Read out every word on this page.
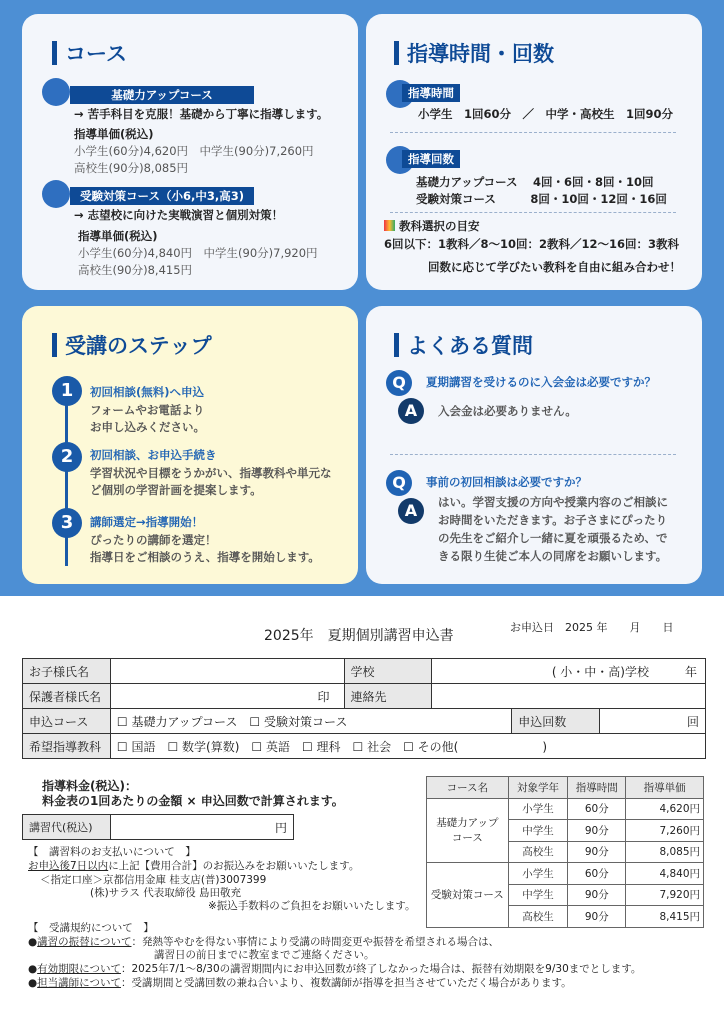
コース
基礎力アップコース
→ 苦手科目を克服！基礎から丁寧に指導します。
指導単価(税込)
小学生(60分)4,620円　中学生(90分)7,260円
高校生(90分)8,085円
受験対策コース（小6,中3,高3)
→ 志望校に向けた実戦演習と個別対策！
指導単価(税込)
小学生(60分)4,840円　中学生(90分)7,920円
高校生(90分)8,415円
指導時間・回数
指導時間
小学生　1回60分　／　中学・高校生　1回90分
指導回数
基礎力アップコース　 4回・6回・8回・10回
受験対策コース　　　8回・10回・12回・16回
教科選択の目安
6回以下：1教科／8〜10回：2教科／12〜16回：3教科
回数に応じて学びたい教科を自由に組み合わせ！
受講のステップ
1	初回相談(無料)へ申込
フォームやお電話より
お申し込みください。
2	初回相談、お申込手続き
学習状況や目標をうかがい、指導教科や単元な
ど個別の学習計画を提案します。
3	講師選定→指導開始！
ぴったりの講師を選定！
指導日をご相談のうえ、指導を開始します。
よくある質問
Q	夏期講習を受けるのに入会金は必要ですか？
A	入会金は必要ありません。
Q	事前の初回相談は必要ですか？
A	はい。学習支援の方向や授業内容のご相談に
お時間をいただきます。お子さまにぴったり
の先生をご紹介し一緒に夏を頑張るため、で
きる限り生徒ご本人の同席をお願いします。
2025年　夏期個別講習申込書
お申込日　2025 年　　月　　日
お子様氏名		学校	( 小・中・高)学校　　　年		
保護者様氏名	印	連絡先			
申込コース	☐ 基礎力アップコース　☐ 受験対策コース			申込回数	回
希望指導教科	☐ 国語　☐ 数学(算数)　☐ 英語　☐ 理科　☐ 社会　☐ その他(　　　　　　　)				
指導料金(税込)：
料金表の1回あたりの金額 × 申込回数で計算されます。
講習代(税込)	円
【　講習料のお支払いについて　】
お申込後7日以内に上記【費用合計】のお振込みをお願いいたします。
＜指定口座＞京都信用金庫 桂支店(普)3007399
(株)サラス 代表取締役 島田敬充
※振込手数料のご負担をお願いいたします。
コース名	対象学年	指導時間	指導単価
基礎力アップ
コース	小学生	60分	4,620円
	中学生	90分	7,260円
	高校生	90分	8,085円
受験対策コース	小学生	60分	4,840円
	中学生	90分	7,920円
	高校生	90分	8,415円
【　受講規約について　】
●講習の振替について：発熱等やむを得ない事情により受講の時間変更や振替を希望される場合は、
講習日の前日までに教室までご連絡ください。
●有効期限について：2025年7/1〜8/30の講習期間内にお申込回数が終了しなかった場合は、振替有効期限を9/30までとします。
●担当講師について：受講期間と受講回数の兼ね合いより、複数講師が指導を担当させていただく場合があります。
